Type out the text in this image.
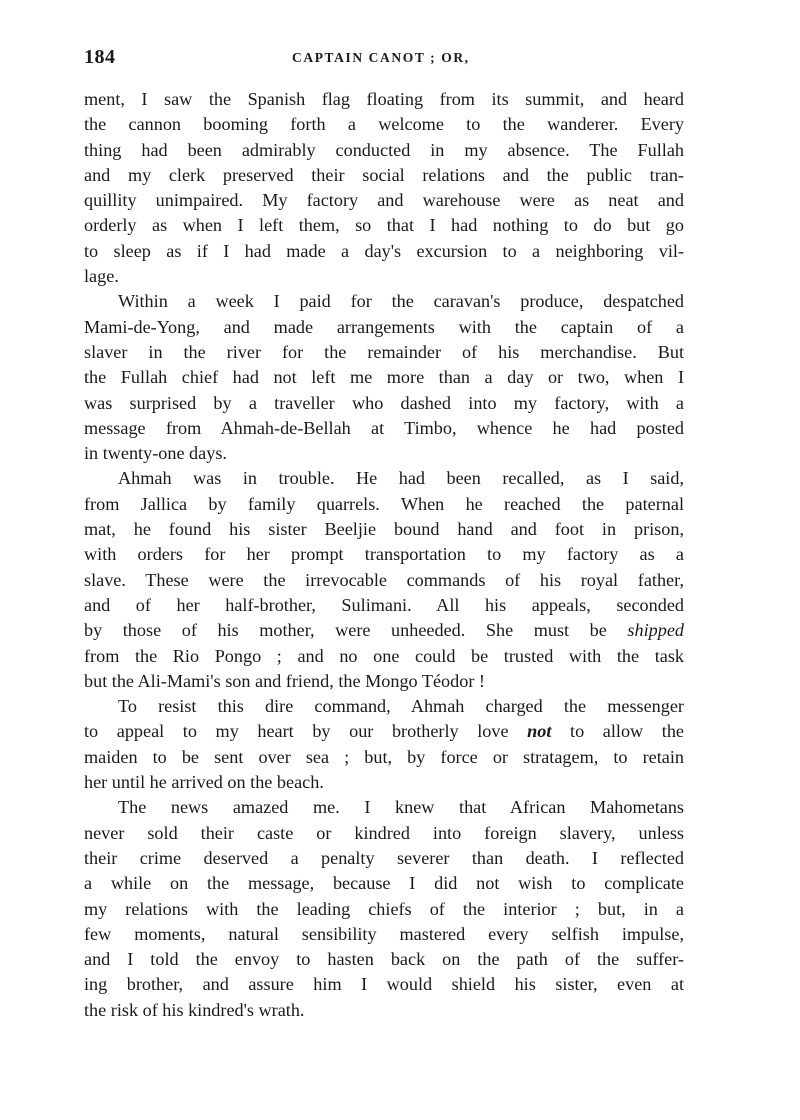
184	CAPTAIN CANOT ; OR,
ment, I saw the Spanish flag floating from its summit, and heard
the cannon booming forth a welcome to the wanderer. Every
thing had been admirably conducted in my absence. The Fullah
and my clerk preserved their social relations and the public tran-
quillity unimpaired. My factory and warehouse were as neat and
orderly as when I left them, so that I had nothing to do but go
to sleep as if I had made a day's excursion to a neighboring vil-
lage.
Within a week I paid for the caravan's produce, despatched
Mami-de-Yong, and made arrangements with the captain of a
slaver in the river for the remainder of his merchandise. But
the Fullah chief had not left me more than a day or two, when I
was surprised by a traveller who dashed into my factory, with a
message from Ahmah-de-Bellah at Timbo, whence he had posted
in twenty-one days.
Ahmah was in trouble. He had been recalled, as I said,
from Jallica by family quarrels. When he reached the paternal
mat, he found his sister Beeljie bound hand and foot in prison,
with orders for her prompt transportation to my factory as a
slave. These were the irrevocable commands of his royal father,
and of her half-brother, Sulimani. All his appeals, seconded
by those of his mother, were unheeded. She must be shipped
from the Rio Pongo ; and no one could be trusted with the task
but the Ali-Mami's son and friend, the Mongo Téodor !
To resist this dire command, Ahmah charged the messenger
to appeal to my heart by our brotherly love not to allow the
maiden to be sent over sea ; but, by force or stratagem, to retain
her until he arrived on the beach.
The news amazed me. I knew that African Mahometans
never sold their caste or kindred into foreign slavery, unless
their crime deserved a penalty severer than death. I reflected
a while on the message, because I did not wish to complicate
my relations with the leading chiefs of the interior ; but, in a
few moments, natural sensibility mastered every selfish impulse,
and I told the envoy to hasten back on the path of the suffer-
ing brother, and assure him I would shield his sister, even at
the risk of his kindred's wrath.
